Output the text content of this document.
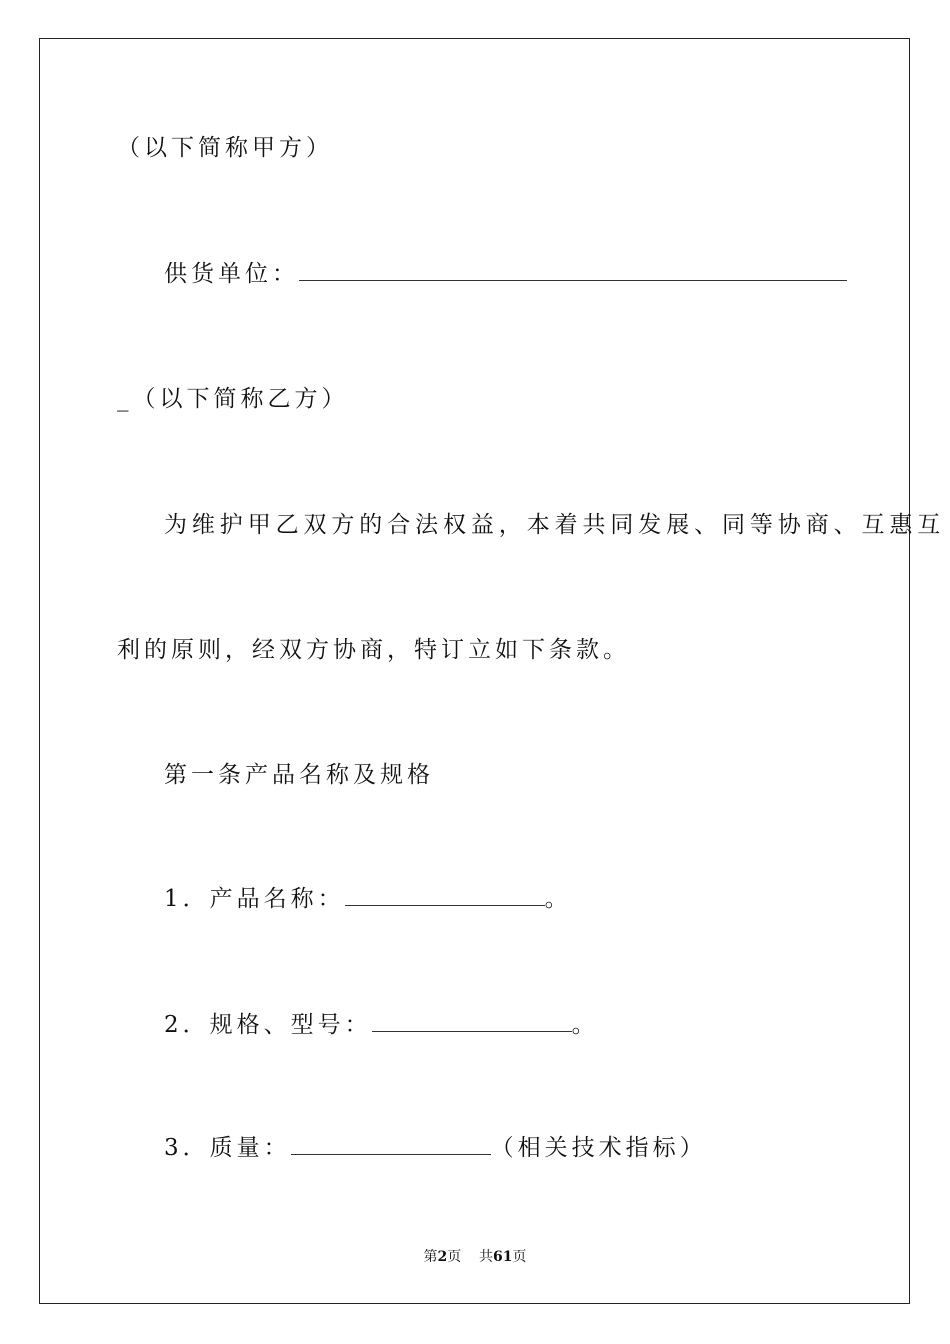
（以下简称甲方）
供货单位：
_（以下简称乙方）
为维护甲乙双方的合法权益，本着共同发展、同等协商、互惠互
利的原则，经双方协商，特订立如下条款。
第一条产品名称及规格
1．产品名称：	。
2．规格、型号：	。
3．质量：	（相关技术指标）
第2页 共61页
